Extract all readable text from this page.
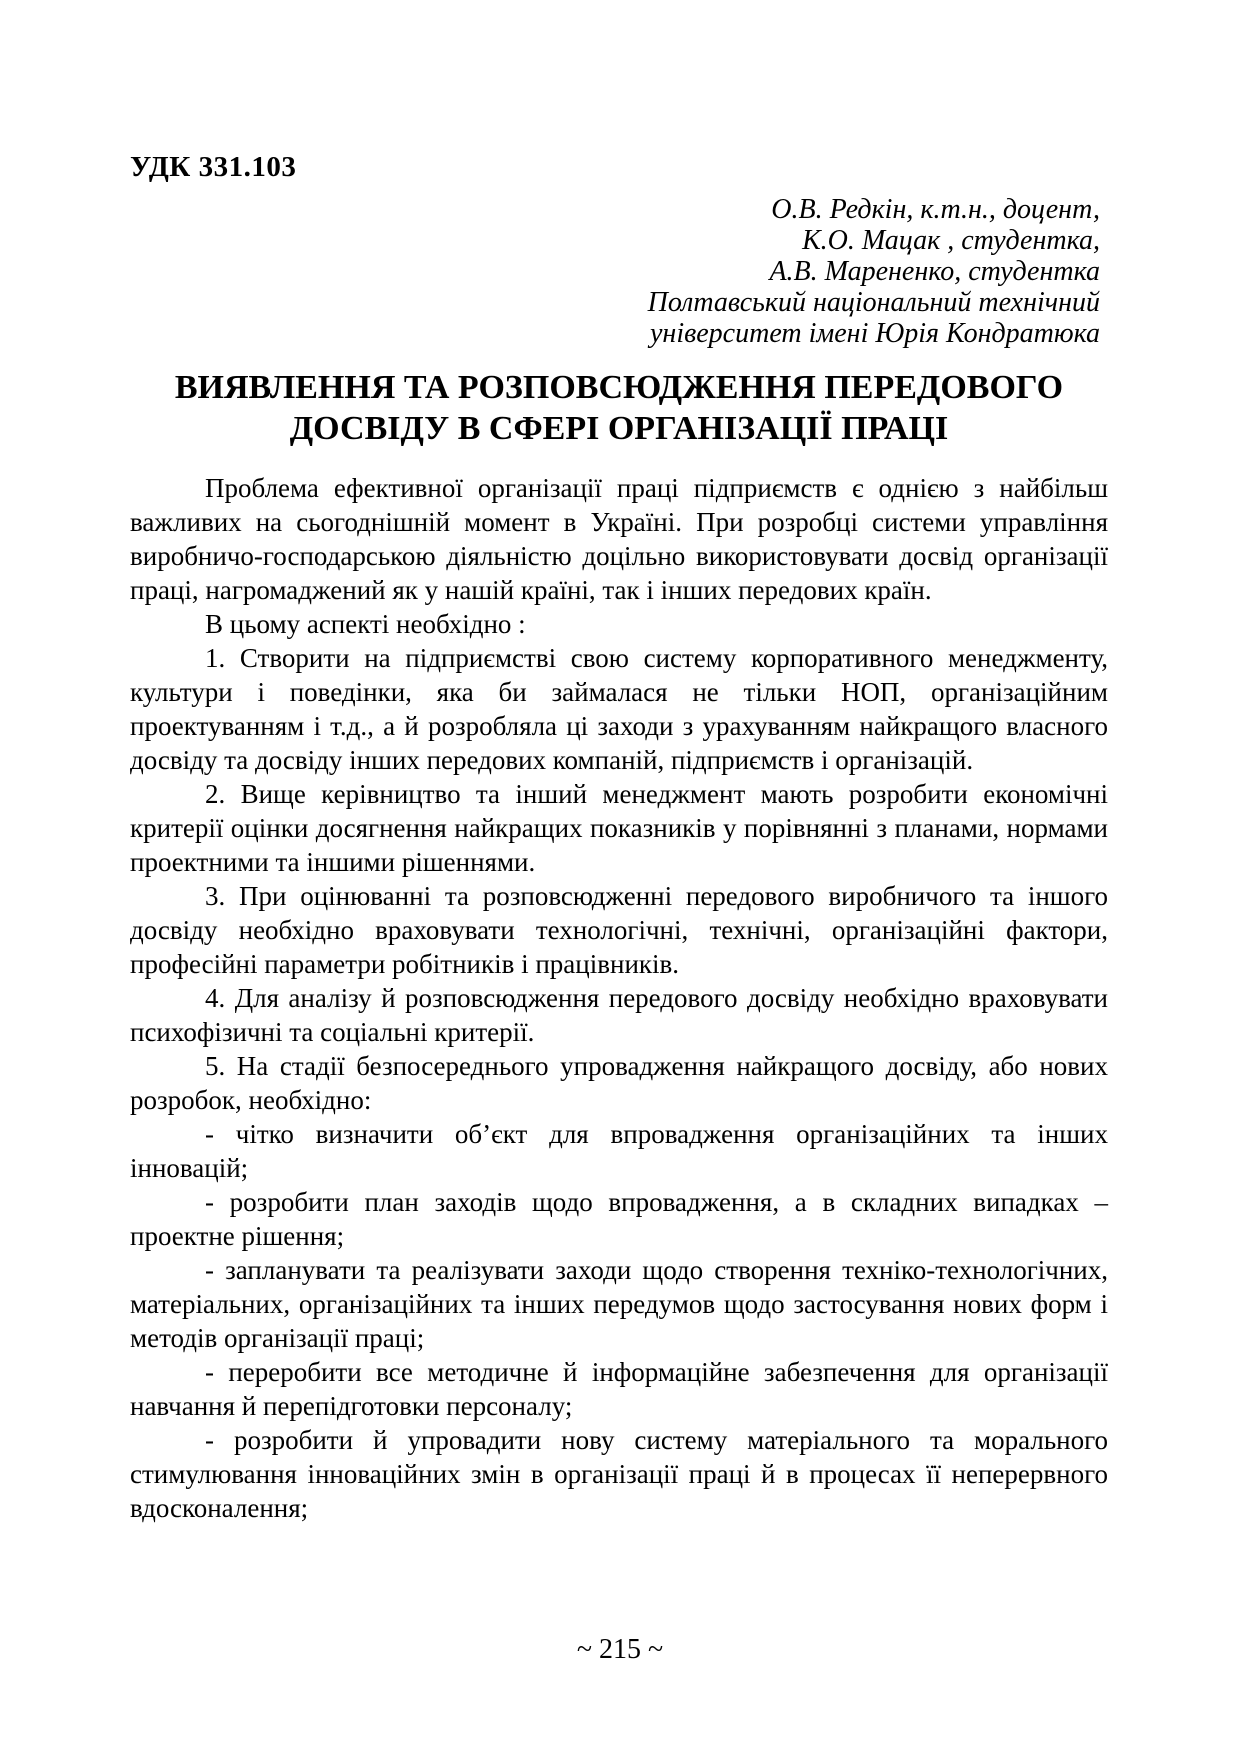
УДК 331.103
О.В. Редкін, к.т.н., доцент,
К.О. Мацак , студентка,
А.В. Марененко, студентка
Полтавський національний технічний
університет імені Юрія Кондратюка
ВИЯВЛЕННЯ ТА РОЗПОВСЮДЖЕННЯ ПЕРЕДОВОГО ДОСВІДУ В СФЕРІ ОРГАНІЗАЦІЇ ПРАЦІ

Проблема ефективної організації праці підприємств є однією з найбільш важливих на сьогоднішній момент в Україні. При розробці системи управління виробничо-господарською діяльністю доцільно використовувати досвід організації праці, нагромаджений як у нашій країні, так і інших передових країн.

В цьому аспекті необхідно :

1. Створити на підприємстві свою систему корпоративного менеджменту, культури і поведінки, яка би займалася не тільки НОП, організаційним проектуванням і т.д., а й розробляла ці заходи з урахуванням найкращого власного досвіду та досвіду інших передових компаній, підприємств і організацій.

2. Вище керівництво та інший менеджмент мають розробити економічні критерії оцінки досягнення найкращих показників у порівнянні з планами, нормами проектними та іншими рішеннями.

3. При оцінюванні та розповсюдженні передового виробничого та іншого досвіду необхідно враховувати технологічні, технічні, організаційні фактори, професійні параметри робітників і працівників.

4. Для аналізу й розповсюдження передового досвіду необхідно враховувати психофізичні та соціальні критерії.

5. На стадії безпосереднього упровадження найкращого досвіду, або нових розробок, необхідно:

- чітко визначити об’єкт для впровадження організаційних та інших інновацій;

- розробити план заходів щодо впровадження, а в складних випадках – проектне рішення;

- запланувати та реалізувати заходи щодо створення техніко-технологічних, матеріальних, організаційних та інших передумов щодо застосування нових форм і методів організації праці;

- переробити все методичне й інформаційне забезпечення для організації навчання й перепідготовки персоналу;

- розробити й упровадити нову систему матеріального та морального стимулювання інноваційних змін в організації праці й в процесах її неперервного вдосконалення;

~ 215 ~
